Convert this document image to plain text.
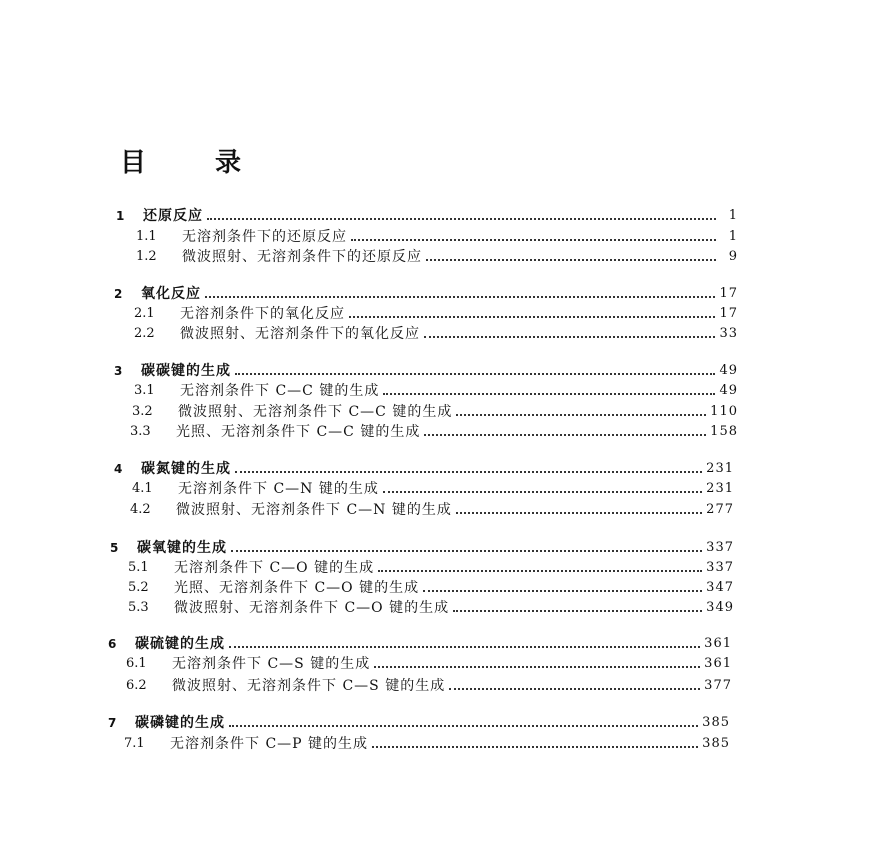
目 录
1	还原反应	1
1.1	无溶剂条件下的还原反应	1
1.2	微波照射、无溶剂条件下的还原反应	9
2	氧化反应	17
2.1	无溶剂条件下的氧化反应	17
2.2	微波照射、无溶剂条件下的氧化反应	33
3	碳碳键的生成	49
3.1	无溶剂条件下 C—C 键的生成	49
3.2	微波照射、无溶剂条件下 C—C 键的生成	110
3.3	光照、无溶剂条件下 C—C 键的生成	158
4	碳氮键的生成	231
4.1	无溶剂条件下 C—N 键的生成	231
4.2	微波照射、无溶剂条件下 C—N 键的生成	277
5	碳氧键的生成	337
5.1	无溶剂条件下 C—O 键的生成	337
5.2	光照、无溶剂条件下 C—O 键的生成	347
5.3	微波照射、无溶剂条件下 C—O 键的生成	349
6	碳硫键的生成	361
6.1	无溶剂条件下 C—S 键的生成	361
6.2	微波照射、无溶剂条件下 C—S 键的生成	377
7	碳磷键的生成	385
7.1	无溶剂条件下 C—P 键的生成	385
